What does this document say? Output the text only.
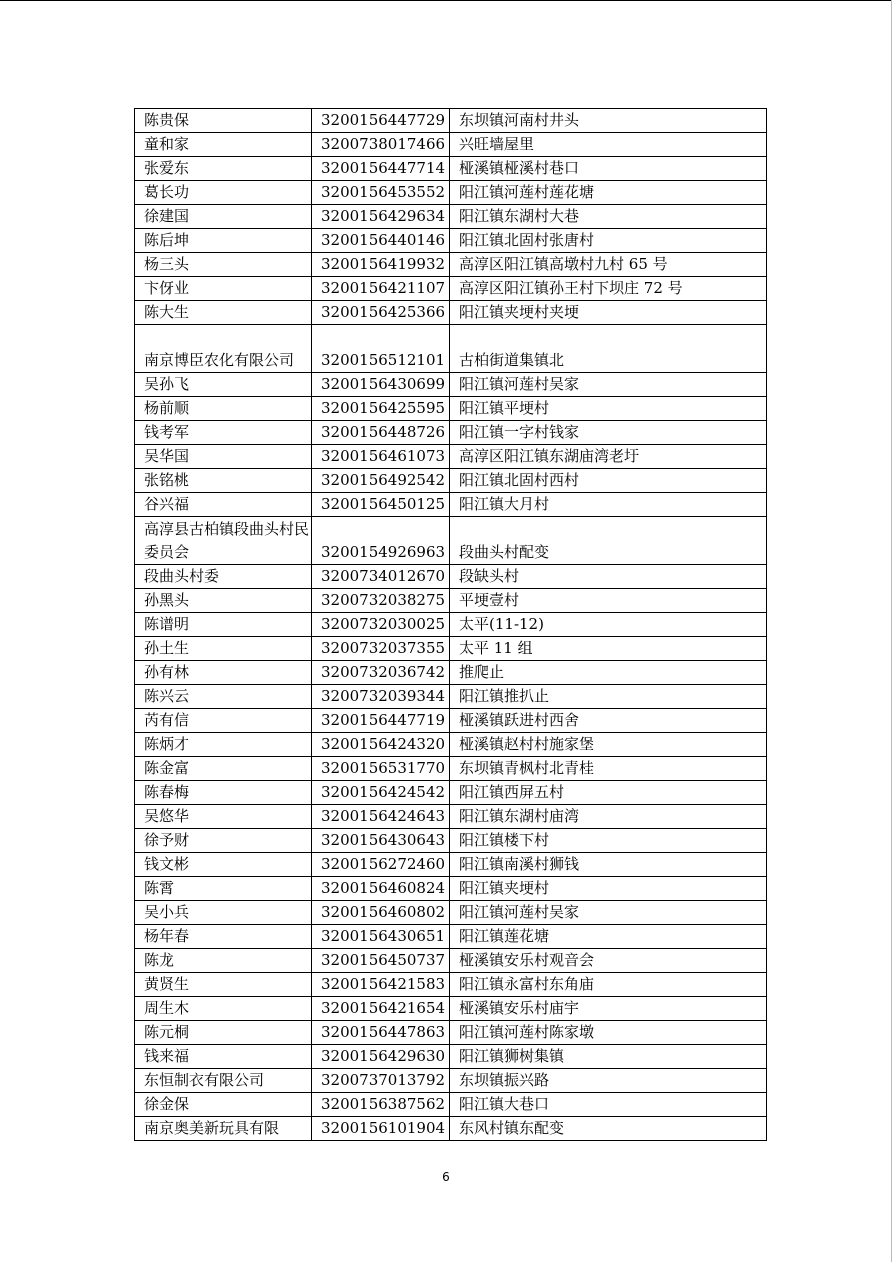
陈贵保	3200156447729	东坝镇河南村井头
童和家	3200738017466	兴旺墙屋里
张爱东	3200156447714	桠溪镇桠溪村巷口
葛长功	3200156453552	阳江镇河莲村莲花塘
徐建国	3200156429634	阳江镇东湖村大巷
陈后坤	3200156440146	阳江镇北固村张唐村
杨三头	3200156419932	高淳区阳江镇高墩村九村 65 号
卞伢业	3200156421107	高淳区阳江镇孙王村下坝庄 72 号
陈大生	3200156425366	阳江镇夹埂村夹埂
南京博臣农化有限公司	3200156512101	古柏街道集镇北
吴孙飞	3200156430699	阳江镇河莲村吴家
杨前顺	3200156425595	阳江镇平埂村
钱考军	3200156448726	阳江镇一字村钱家
吴华国	3200156461073	高淳区阳江镇东湖庙湾老圩
张铭桃	3200156492542	阳江镇北固村西村
谷兴福	3200156450125	阳江镇大月村
高淳县古柏镇段曲头村民委员会	3200154926963	段曲头村配变
段曲头村委	3200734012670	段缺头村
孙黑头	3200732038275	平埂壹村
陈谱明	3200732030025	太平(11-12)
孙土生	3200732037355	太平 11 组
孙有林	3200732036742	推爬止
陈兴云	3200732039344	阳江镇推扒止
芮有信	3200156447719	桠溪镇跃进村西舍
陈炳才	3200156424320	桠溪镇赵村村施家堡
陈金富	3200156531770	东坝镇青枫村北青桂
陈春梅	3200156424542	阳江镇西屏五村
吴悠华	3200156424643	阳江镇东湖村庙湾
徐予财	3200156430643	阳江镇楼下村
钱文彬	3200156272460	阳江镇南溪村狮钱
陈霄	3200156460824	阳江镇夹埂村
吴小兵	3200156460802	阳江镇河莲村吴家
杨年春	3200156430651	阳江镇莲花塘
陈龙	3200156450737	桠溪镇安乐村观音会
黄贤生	3200156421583	阳江镇永富村东角庙
周生木	3200156421654	桠溪镇安乐村庙宇
陈元桐	3200156447863	阳江镇河莲村陈家墩
钱来福	3200156429630	阳江镇狮树集镇
东恒制衣有限公司	3200737013792	东坝镇振兴路
徐金保	3200156387562	阳江镇大巷口
南京奥美新玩具有限	3200156101904	东风村镇东配变
6
